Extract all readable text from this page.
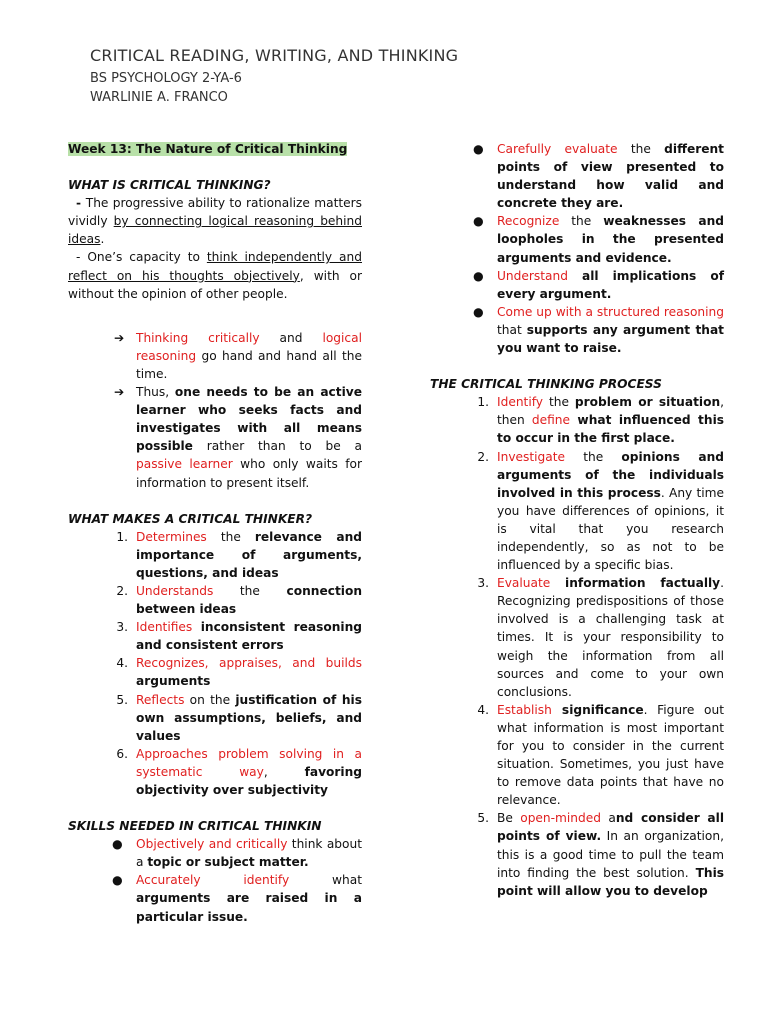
CRITICAL READING, WRITING, AND THINKING
BS PSYCHOLOGY 2-YA-6
WARLINIE A. FRANCO
Week 13: The Nature of Critical Thinking
WHAT IS CRITICAL THINKING?
- The progressive ability to rationalize matters vividly by connecting logical reasoning behind ideas.
- One’s capacity to think independently and reflect on his thoughts objectively, with or without the opinion of other people.
➔ Thinking critically and logical reasoning go hand and hand all the time.
➔ Thus, one needs to be an active learner who seeks facts and investigates with all means possible rather than to be a passive learner who only waits for information to present itself.
WHAT MAKES A CRITICAL THINKER?
1. Determines the relevance and importance of arguments, questions, and ideas
2. Understands the connection between ideas
3. Identifies inconsistent reasoning and consistent errors
4. Recognizes, appraises, and builds arguments
5. Reflects on the justification of his own assumptions, beliefs, and values
6. Approaches problem solving in a systematic way, favoring objectivity over subjectivity
SKILLS NEEDED IN CRITICAL THINKIN
● Objectively and critically think about a topic or subject matter.
● Accurately identify what arguments are raised in a particular issue.
● Carefully evaluate the different points of view presented to understand how valid and concrete they are.
● Recognize the weaknesses and loopholes in the presented arguments and evidence.
● Understand all implications of every argument.
● Come up with a structured reasoning that supports any argument that you want to raise.
THE CRITICAL THINKING PROCESS
1. Identify the problem or situation, then define what influenced this to occur in the first place.
2. Investigate the opinions and arguments of the individuals involved in this process. Any time you have differences of opinions, it is vital that you research independently, so as not to be influenced by a specific bias.
3. Evaluate information factually. Recognizing predispositions of those involved is a challenging task at times. It is your responsibility to weigh the information from all sources and come to your own conclusions.
4. Establish significance. Figure out what information is most important for you to consider in the current situation. Sometimes, you just have to remove data points that have no relevance.
5. Be open-minded and consider all points of view. In an organization, this is a good time to pull the team into finding the best solution. This point will allow you to develop
